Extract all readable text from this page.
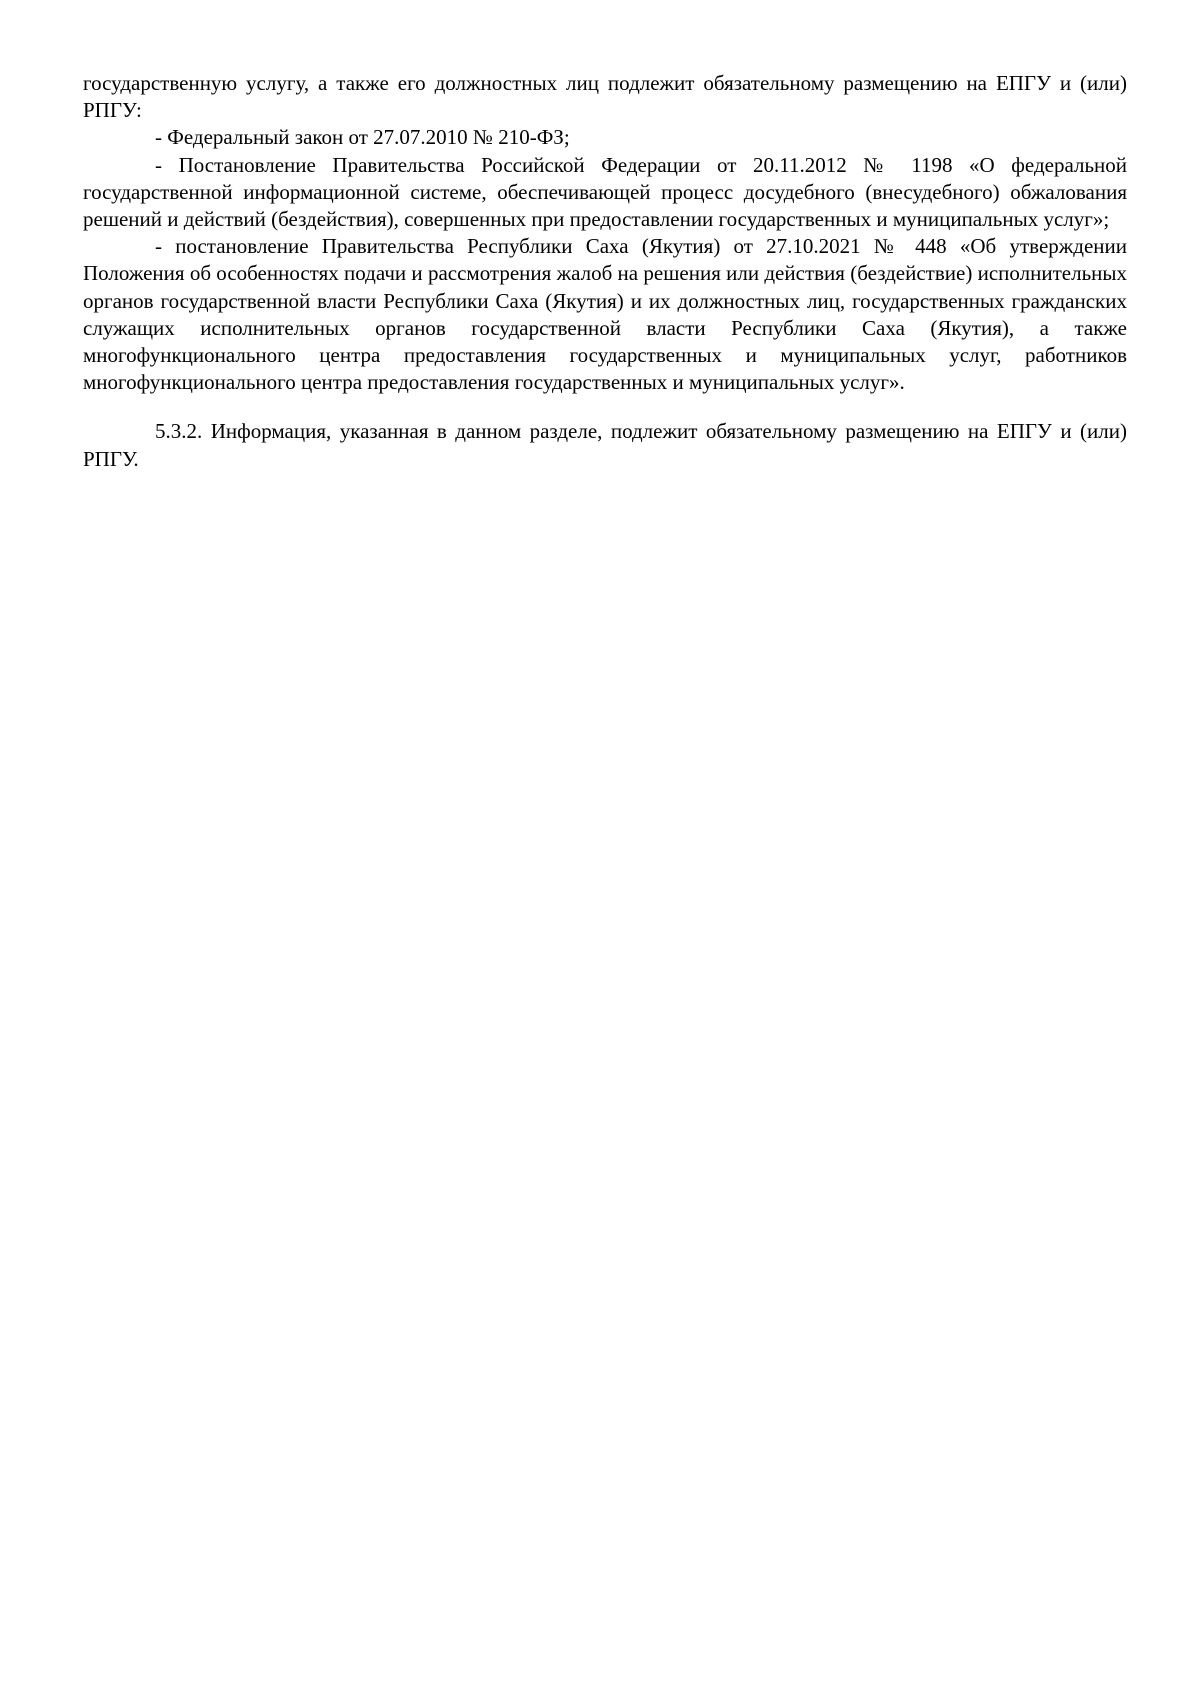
государственную услугу, а также его должностных лиц подлежит обязательному размещению на ЕПГУ и (или) РПГУ:

- Федеральный закон от 27.07.2010 № 210-ФЗ;

- Постановление Правительства Российской Федерации от 20.11.2012 № 1198 «О федеральной государственной информационной системе, обеспечивающей процесс досудебного (внесудебного) обжалования решений и действий (бездействия), совершенных при предоставлении государственных и муниципальных услуг»;

- постановление Правительства Республики Саха (Якутия) от 27.10.2021 № 448 «Об утверждении Положения об особенностях подачи и рассмотрения жалоб на решения или действия (бездействие) исполнительных органов государственной власти Республики Саха (Якутия) и их должностных лиц, государственных гражданских служащих исполнительных органов государственной власти Республики Саха (Якутия), а также многофункционального центра предоставления государственных и муниципальных услуг, работников многофункционального центра предоставления государственных и муниципальных услуг».

5.3.2. Информация, указанная в данном разделе, подлежит обязательному размещению на ЕПГУ и (или) РПГУ.
